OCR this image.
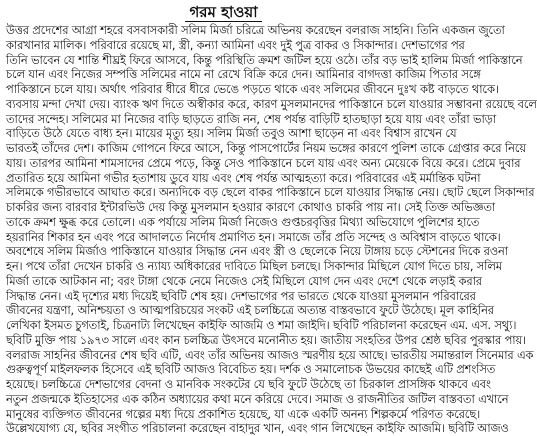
গরম হাওয়া
উত্তর প্রদেশের আগ্রা শহরে বসবাসকারী সলিম মির্জা চরিত্রে অভিনয় করেছেন বলরাজ সাহনি। তিনি একজন জুতো
কারখানার মালিক। পরিবারে রয়েছে মা, স্ত্রী, কন্যা আমিনা এবং দুই পুত্র বাকর ও সিকান্দার। দেশভাগের পর
তিনি ভাবেন যে শান্তি শীঘ্রই ফিরে আসবে, কিন্তু পরিস্থিতি ক্রমশ জটিল হয়ে ওঠে। তাঁর বড় ভাই হালিম মির্জা পাকিস্তানে
চলে যান এবং নিজের সম্পত্তি সলিমের নামে না রেখে বিক্রি করে দেন। আমিনার বাগদত্তা কাজিম পিতার সঙ্গে
পাকিস্তানে চলে যায়। অর্থাৎ পরিবার ধীরে ধীরে ভেঙে পড়তে থাকে এবং সলিমের জীবনে দুঃখ কষ্ট বাড়তে থাকে।
ব্যবসায় মন্দা দেখা দেয়। ব্যাংক ঋণ দিতে অস্বীকার করে, কারণ মুসলমানদের পাকিস্তানে চলে যাওয়ার সম্ভাবনা রয়েছে বলে
তাদের সন্দেহ। সলিমের মা নিজের বাড়ি ছাড়তে রাজি নন, শেষ পর্যন্ত বাড়িটি হাতছাড়া হয়ে যায় এবং তাঁরা ভাড়া
বাড়িতে উঠে যেতে বাধ্য হন। মায়ের মৃত্যু হয়। সলিম মির্জা তবুও আশা ছাড়েন না এবং বিশ্বাস রাখেন যে
ভারতই তাঁদের দেশ। কাজিম গোপনে ফিরে আসে, কিন্তু পাসপোর্টের নিয়ম ভঙ্গের কারণে পুলিশ তাকে গ্রেপ্তার করে নিয়ে
যায়। তারপর আমিনা শামসাদের প্রেমে পড়ে, কিন্তু সেও পাকিস্তানে চলে যায় এবং অন্য মেয়েকে বিয়ে করে। প্রেমে দুবার
প্রতারিত হয়ে আমিনা গভীর হতাশায় ডুবে যায় এবং শেষ পর্যন্ত আত্মহত্যা করে। পরিবারের এই মর্মান্তিক ঘটনা
সলিমকে গভীরভাবে আঘাত করে। অন্যদিকে বড় ছেলে বাকর পাকিস্তানে চলে যাওয়ার সিদ্ধান্ত নেয়। ছোট ছেলে সিকান্দার
চাকরির জন্য বারবার ইন্টারভিউ দেয় কিন্তু মুসলমান হওয়ার কারণে কোথাও চাকরি পায় না। সেই তিক্ত অভিজ্ঞতা
তাকে ক্রমশ ক্ষুব্ধ করে তোলে। এক পর্যায়ে সলিম মির্জা নিজেও গুপ্তচরবৃত্তির মিথ্যা অভিযোগে পুলিশের হাতে
হয়রানির শিকার হন এবং পরে আদালতে নির্দোষ প্রমাণিত হন। সমাজে তাঁর প্রতি সন্দেহ ও অবিশ্বাস বাড়তে থাকে।
অবশেষে সলিম মির্জাও পাকিস্তানে যাওয়ার সিদ্ধান্ত নেন এবং স্ত্রী ও ছেলেকে নিয়ে টাঙ্গায় চড়ে স্টেশনের দিকে রওনা
হন। পথে তাঁরা দেখেন চাকরি ও ন্যায্য অধিকারের দাবিতে মিছিল চলছে। সিকান্দার মিছিলে যোগ দিতে চায়, সলিম
মির্জা তাকে আটকান না; বরং টাঙ্গা থেকে নেমে নিজেও সেই মিছিলে যোগ দেন এবং দেশে থেকে লড়াই করার
সিদ্ধান্ত নেন। এই দৃশ্যের মধ্য দিয়েই ছবিটি শেষ হয়। দেশভাগের পর ভারতে থেকে যাওয়া মুসলমান পরিবারের
জীবনের যন্ত্রণা, অনিশ্চয়তা ও আত্মপরিচয়ের সংকট এই চলচ্চিত্রে অত্যন্ত বাস্তবভাবে ফুটে উঠেছে। মূল কাহিনির
লেখিকা ইসমত চুগতাই, চিত্রনাট্য লিখেছেন কাইফি আজমি ও শমা জাইদি। ছবিটি পরিচালনা করেছেন এম. এস. সথ্যু।
ছবিটি মুক্তি পায় ১৯৭৩ সালে এবং কান চলচ্চিত্র উৎসবে মনোনীত হয়। জাতীয় সংহতির উপর শ্রেষ্ঠ ছবির পুরস্কার পায়।
বলরাজ সাহনির জীবনের শেষ ছবি এটি, এবং তাঁর অভিনয় আজও স্মরণীয় হয়ে আছে। ভারতীয় সমান্তরাল সিনেমার এক
গুরুত্বপূর্ণ মাইলফলক হিসেবে এই ছবিটি আজও বিবেচিত হয়। দর্শক ও সমালোচক উভয়ের কাছেই এটি প্রশংসিত
হয়েছে। চলচ্চিত্রে দেশভাগের বেদনা ও মানবিক সংকটের যে ছবি ফুটে উঠেছে তা চিরকাল প্রাসঙ্গিক থাকবে এবং
নতুন প্রজন্মকে ইতিহাসের এক কঠিন অধ্যায়ের কথা মনে করিয়ে দেবে। সমাজ ও রাজনীতির জটিল বাস্তবতা এখানে
মানুষের ব্যক্তিগত জীবনের গল্পের মধ্য দিয়ে প্রকাশিত হয়েছে, যা একে একটি অনন্য শিল্পকর্মে পরিণত করেছে।
উল্লেখযোগ্য যে, ছবির সংগীত পরিচালনা করেছেন বাহাদুর খান, এবং গান লিখেছেন কাইফি আজমি। ছবিটি আজও
